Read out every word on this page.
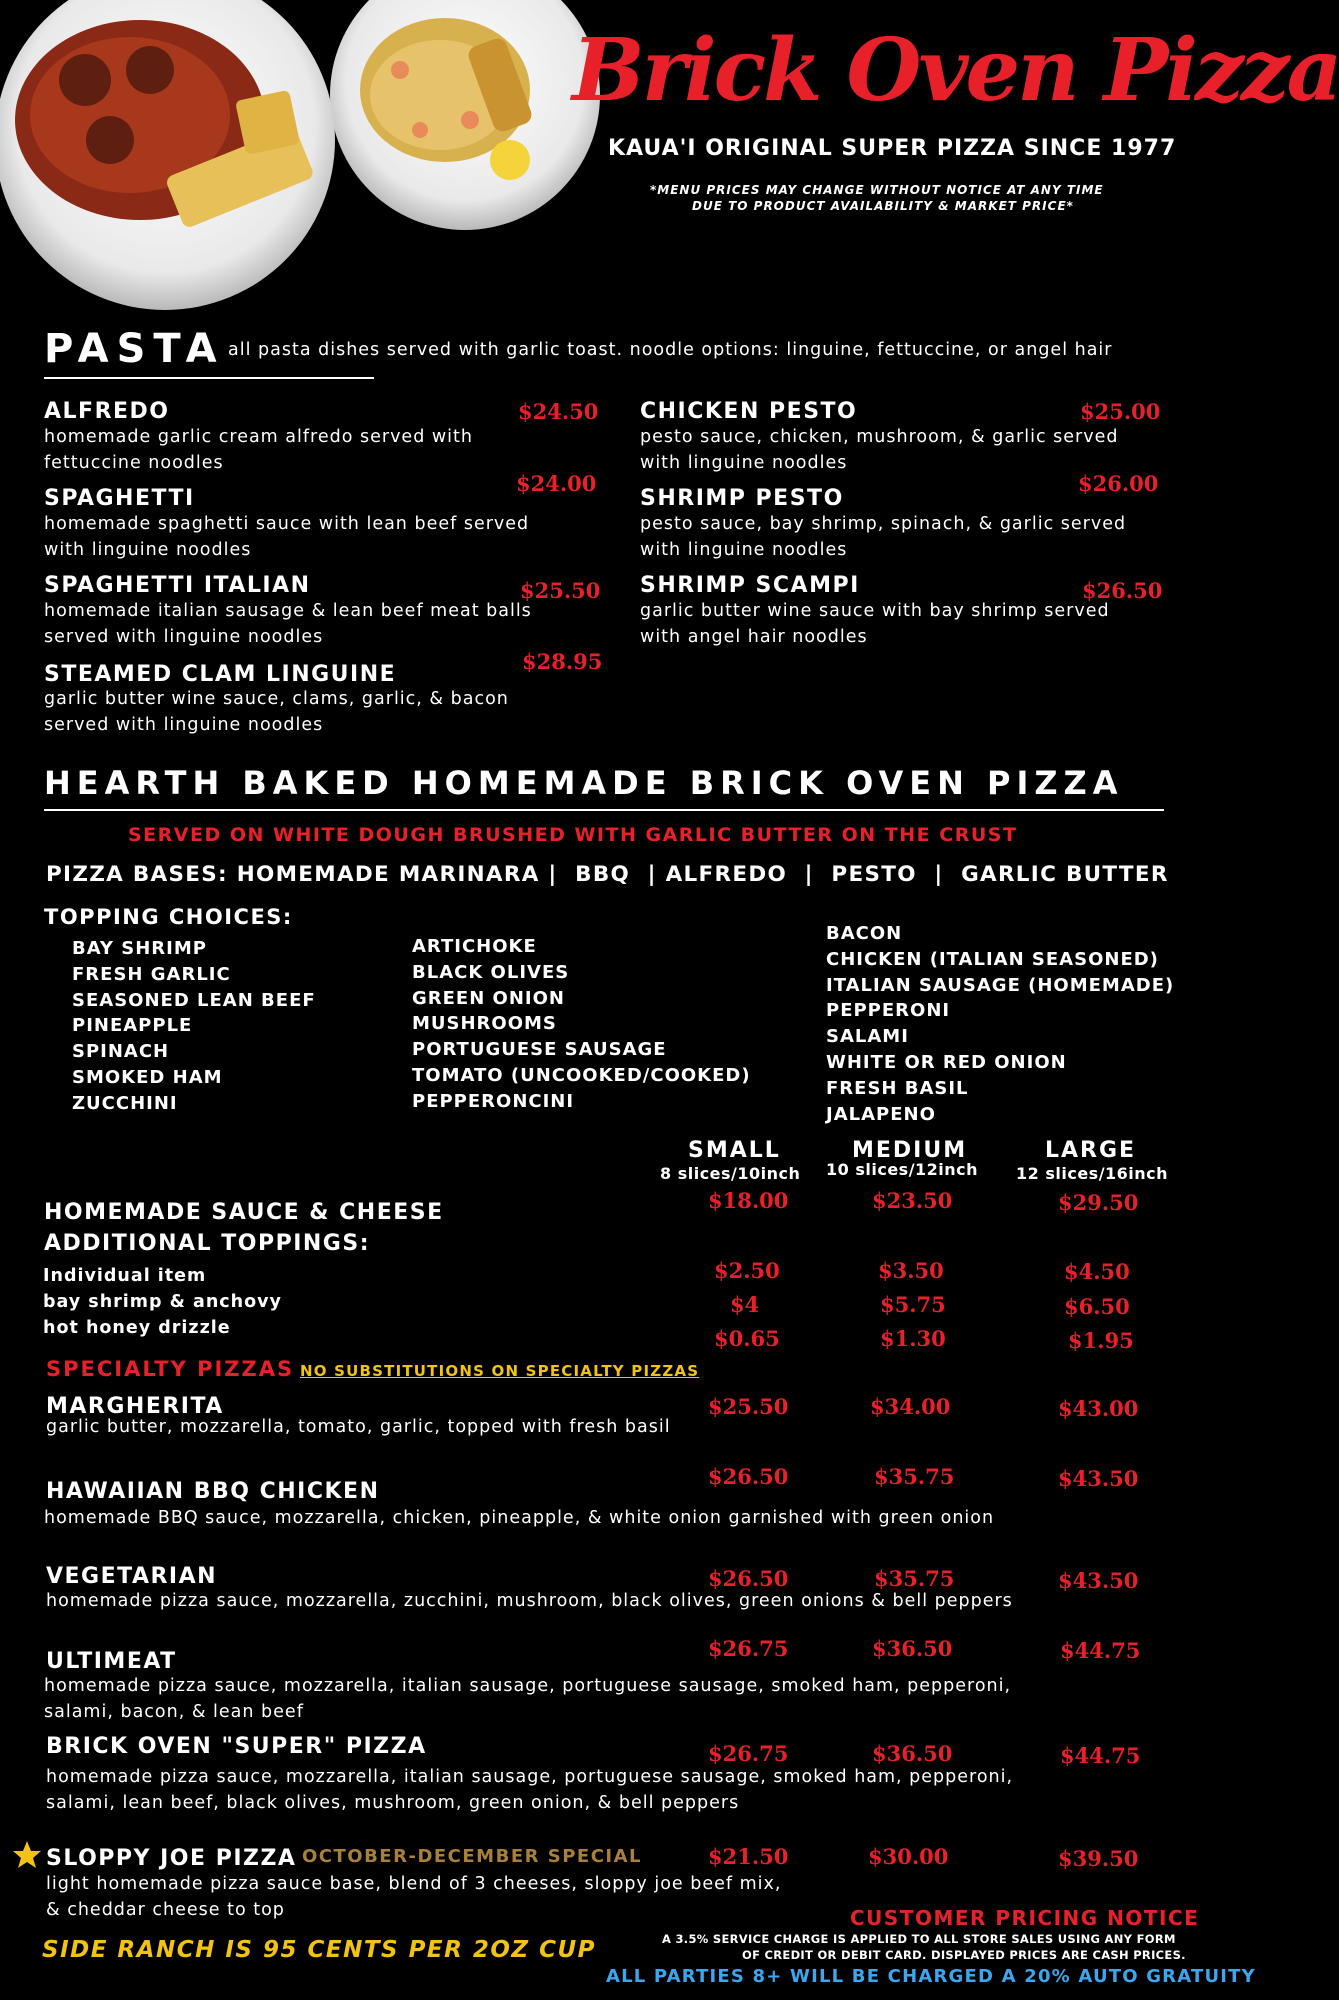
Brick Oven Pizza
KAUA'I ORIGINAL SUPER PIZZA SINCE 1977
*MENU PRICES MAY CHANGE WITHOUT NOTICE AT ANY TIME
DUE TO PRODUCT AVAILABILITY & MARKET PRICE*
PASTA all pasta dishes served with garlic toast. noodle options: linguine, fettuccine, or angel hair
ALFREDO	$24.50
homemade garlic cream alfredo served with
fettuccine noodles
SPAGHETTI
$24.00
homemade spaghetti sauce with lean beef served
with linguine noodles
SPAGHETTI ITALIAN	$25.50
homemade italian sausage & lean beef meat balls
served with linguine noodles
STEAMED CLAM LINGUINE
$28.95
garlic butter wine sauce, clams, garlic, & bacon
served with linguine noodles
CHICKEN PESTO	$25.00
pesto sauce, chicken, mushroom, & garlic served
with linguine noodles
SHRIMP PESTO
$26.00
pesto sauce, bay shrimp, spinach, & garlic served
with linguine noodles
SHRIMP SCAMPI	$26.50
garlic butter wine sauce with bay shrimp served
with angel hair noodles
HEARTH BAKED HOMEMADE BRICK OVEN PIZZA
SERVED ON WHITE DOUGH BRUSHED WITH GARLIC BUTTER ON THE CRUST
PIZZA BASES: HOMEMADE MARINARA |  BBQ  | ALFREDO  |  PESTO  |  GARLIC BUTTER
TOPPING CHOICES:
BAY SHRIMP
FRESH GARLIC
SEASONED LEAN BEEF
PINEAPPLE
SPINACH
SMOKED HAM
ZUCCHINI
ARTICHOKE
BLACK OLIVES
GREEN ONION
MUSHROOMS
PORTUGUESE SAUSAGE
TOMATO (UNCOOKED/COOKED)
PEPPERONCINI
BACON
CHICKEN (ITALIAN SEASONED)
ITALIAN SAUSAGE (HOMEMADE)
PEPPERONI
SALAMI
WHITE OR RED ONION
FRESH BASIL
JALAPENO
SMALL
8 slices/10inch
MEDIUM
10 slices/12inch
LARGE
12 slices/16inch
HOMEMADE SAUCE & CHEESE	$18.00	$23.50	$29.50
ADDITIONAL TOPPINGS:
Individual item	$2.50	$3.50	$4.50
bay shrimp & anchovy	$4	$5.75	$6.50
hot honey drizzle	$0.65	$1.30	$1.95
SPECIALTY PIZZAS NO SUBSTITUTIONS ON SPECIALTY PIZZAS
MARGHERITA
garlic butter, mozzarella, tomato, garlic, topped with fresh basil
$25.50	$34.00	$43.00
HAWAIIAN BBQ CHICKEN
homemade BBQ sauce, mozzarella, chicken, pineapple, & white onion garnished with green onion
$26.50	$35.75	$43.50
VEGETARIAN
homemade pizza sauce, mozzarella, zucchini, mushroom, black olives, green onions & bell peppers
$26.50	$35.75	$43.50
ULTIMEAT
homemade pizza sauce, mozzarella, italian sausage, portuguese sausage, smoked ham, pepperoni,
salami, bacon, & lean beef
$26.75	$36.50	$44.75
BRICK OVEN "SUPER" PIZZA
homemade pizza sauce, mozzarella, italian sausage, portuguese sausage, smoked ham, pepperoni,
salami, lean beef, black olives, mushroom, green onion, & bell peppers
$26.75	$36.50	$44.75
SLOPPY JOE PIZZA OCTOBER-DECEMBER SPECIAL
light homemade pizza sauce base, blend of 3 cheeses, sloppy joe beef mix,
& cheddar cheese to top
$21.50	$30.00	$39.50
SIDE RANCH IS 95 CENTS PER 2OZ CUP
CUSTOMER PRICING NOTICE
A 3.5% SERVICE CHARGE IS APPLIED TO ALL STORE SALES USING ANY FORM
OF CREDIT OR DEBIT CARD. DISPLAYED PRICES ARE CASH PRICES.
ALL PARTIES 8+ WILL BE CHARGED A 20% AUTO GRATUITY
